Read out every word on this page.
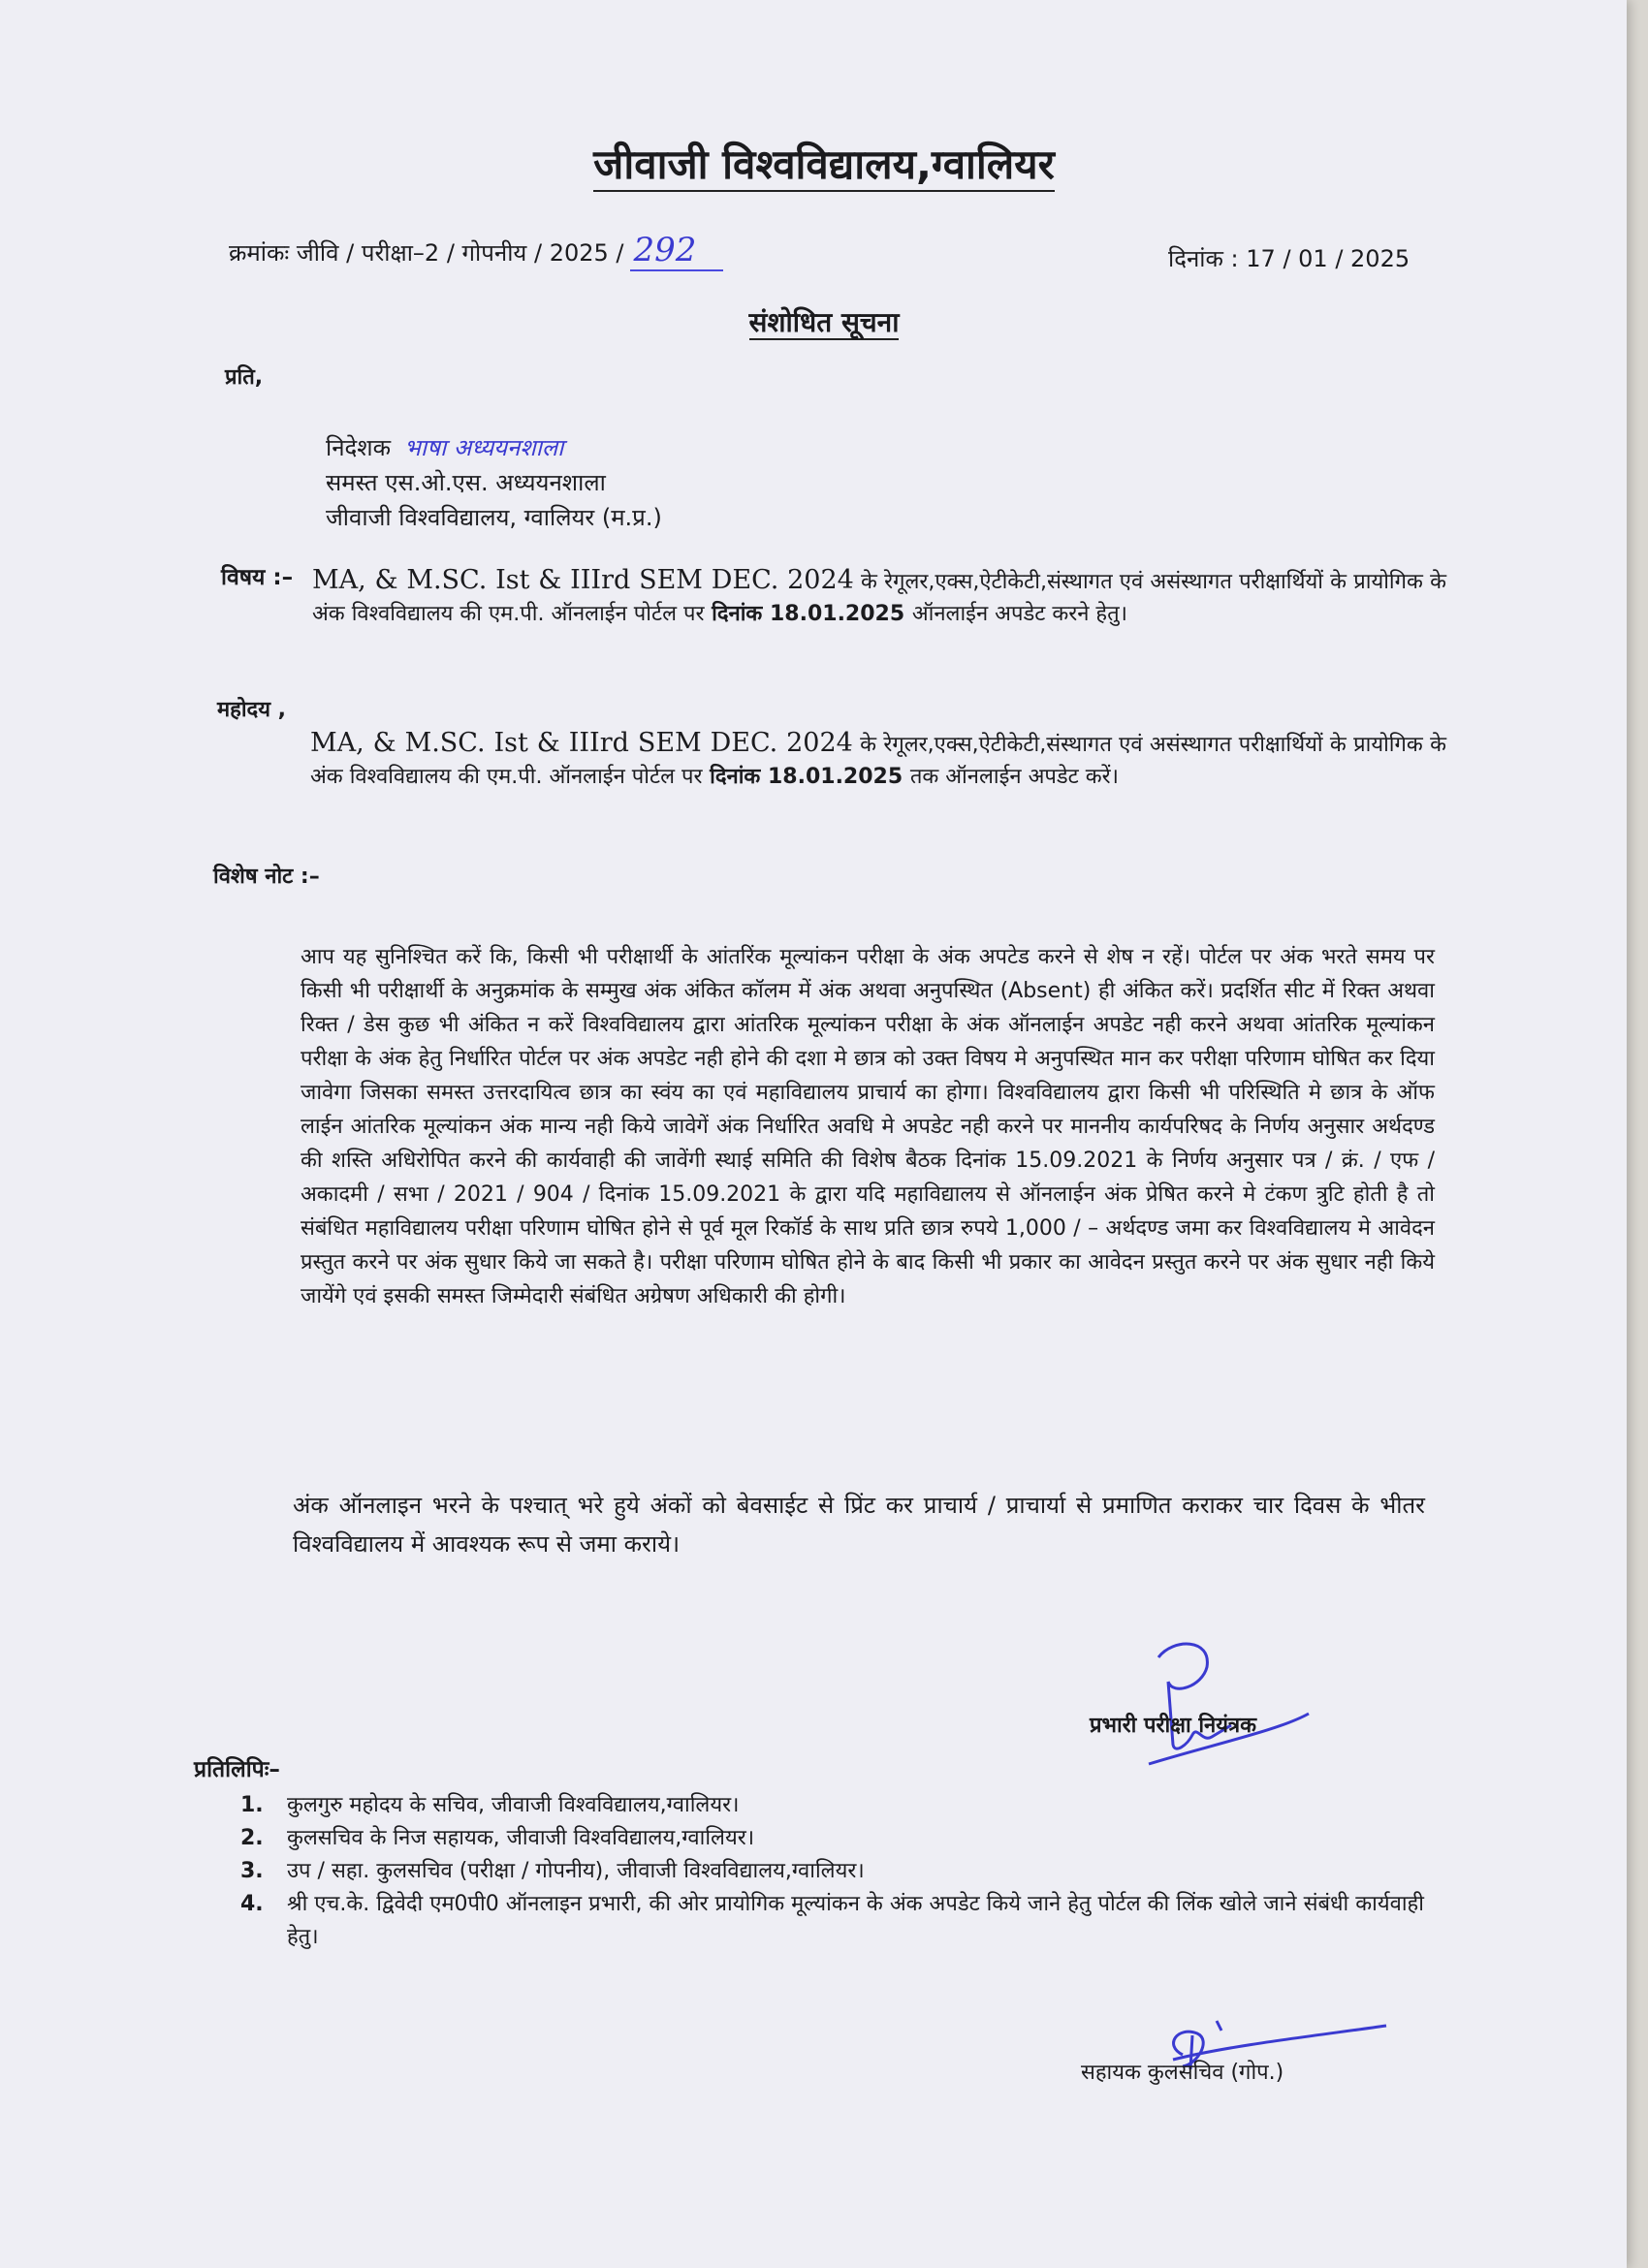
जीवाजी विश्वविद्यालय,ग्वालियर
क्रमांकः जीवि / परीक्षा–2 / गोपनीय / 2025 / 292	दिनांक : 17 / 01 / 2025
संशोधित सूचना
प्रति,
निदेशक भाषा अध्ययनशाला
समस्त एस.ओ.एस. अध्ययनशाला
जीवाजी विश्वविद्यालय, ग्वालियर (म.प्र.)
विषय :– MA, & M.SC. Ist & IIIrd SEM DEC. 2024 के रेगूलर,एक्स,ऐटीकेटी,संस्थागत एवं असंस्थागत परीक्षार्थियों के प्रायोगिक के अंक विश्वविद्यालय की एम.पी. ऑनलाईन पोर्टल पर दिनांक 18.01.2025 ऑनलाईन अपडेट करने हेतु।
महोदय ,
MA, & M.SC. Ist & IIIrd SEM DEC. 2024 के रेगूलर,एक्स,ऐटीकेटी,संस्थागत एवं असंस्थागत परीक्षार्थियों के प्रायोगिक के अंक विश्वविद्यालय की एम.पी. ऑनलाईन पोर्टल पर दिनांक 18.01.2025 तक ऑनलाईन अपडेट करें।
विशेष नोट :–
आप यह सुनिश्चित करें कि, किसी भी परीक्षार्थी के आंतरिंक मूल्यांकन परीक्षा के अंक अपटेड करने से शेष न रहें। पोर्टल पर अंक भरते समय पर किसी भी परीक्षार्थी के अनुक्रमांक के सम्मुख अंक अंकित कॉलम में अंक अथवा अनुपस्थित (Absent) ही अंकित करें। प्रदर्शित सीट में रिक्त अथवा रिक्त / डेस कुछ भी अंकित न करें विश्वविद्यालय द्वारा आंतरिक मूल्यांकन परीक्षा के अंक ऑनलाईन अपडेट नही करने अथवा आंतरिक मूल्यांकन परीक्षा के अंक हेतु निर्धारित पोर्टल पर अंक अपडेट नही होने की दशा मे छात्र को उक्त विषय मे अनुपस्थित मान कर परीक्षा परिणाम घोषित कर दिया जावेगा जिसका समस्त उत्तरदायित्व छात्र का स्वंय का एवं महाविद्यालय प्राचार्य का होगा। विश्वविद्यालय द्वारा किसी भी परिस्थिति मे छात्र के ऑफ लाईन आंतरिक मूल्यांकन अंक मान्य नही किये जावेगें अंक निर्धारित अवधि मे अपडेट नही करने पर माननीय कार्यपरिषद के निर्णय अनुसार अर्थदण्ड की शस्ति अधिरोपित करने की कार्यवाही की जावेंगी स्थाई समिति की विशेष बैठक दिनांक 15.09.2021 के निर्णय अनुसार पत्र / क्रं. / एफ / अकादमी / सभा / 2021 / 904 / दिनांक 15.09.2021 के द्वारा यदि महाविद्यालय से ऑनलाईन अंक प्रेषित करने मे टंकण त्रुटि होती है तो संबंधित महाविद्यालय परीक्षा परिणाम घोषित होने से पूर्व मूल रिकॉर्ड के साथ प्रति छात्र रुपये 1,000 / – अर्थदण्ड जमा कर विश्वविद्यालय मे आवेदन प्रस्तुत करने पर अंक सुधार किये जा सकते है। परीक्षा परिणाम घोषित होने के बाद किसी भी प्रकार का आवेदन प्रस्तुत करने पर अंक सुधार नही किये जायेंगे एवं इसकी समस्त जिम्मेदारी संबंधित अग्रेषण अधिकारी की होगी।
अंक ऑनलाइन भरने के पश्चात् भरे हुये अंकों को बेवसाईट से प्रिंट कर प्राचार्य / प्राचार्या से प्रमाणित कराकर चार दिवस के भीतर विश्वविद्यालय में आवश्यक रूप से जमा कराये।
प्रभारी परीक्षा नियंत्रक
प्रतिलिपिः–
1. कुलगुरु महोदय के सचिव, जीवाजी विश्वविद्यालय,ग्वालियर।
2. कुलसचिव के निज सहायक, जीवाजी विश्वविद्यालय,ग्वालियर।
3. उप / सहा. कुलसचिव (परीक्षा / गोपनीय), जीवाजी विश्वविद्यालय,ग्वालियर।
4. श्री एच.के. द्विवेदी एम0पी0 ऑनलाइन प्रभारी, की ओर प्रायोगिक मूल्यांकन के अंक अपडेट किये जाने हेतु पोर्टल की लिंक खोले जाने संबंधी कार्यवाही हेतु।
सहायक कुलसचिव (गोप.)
